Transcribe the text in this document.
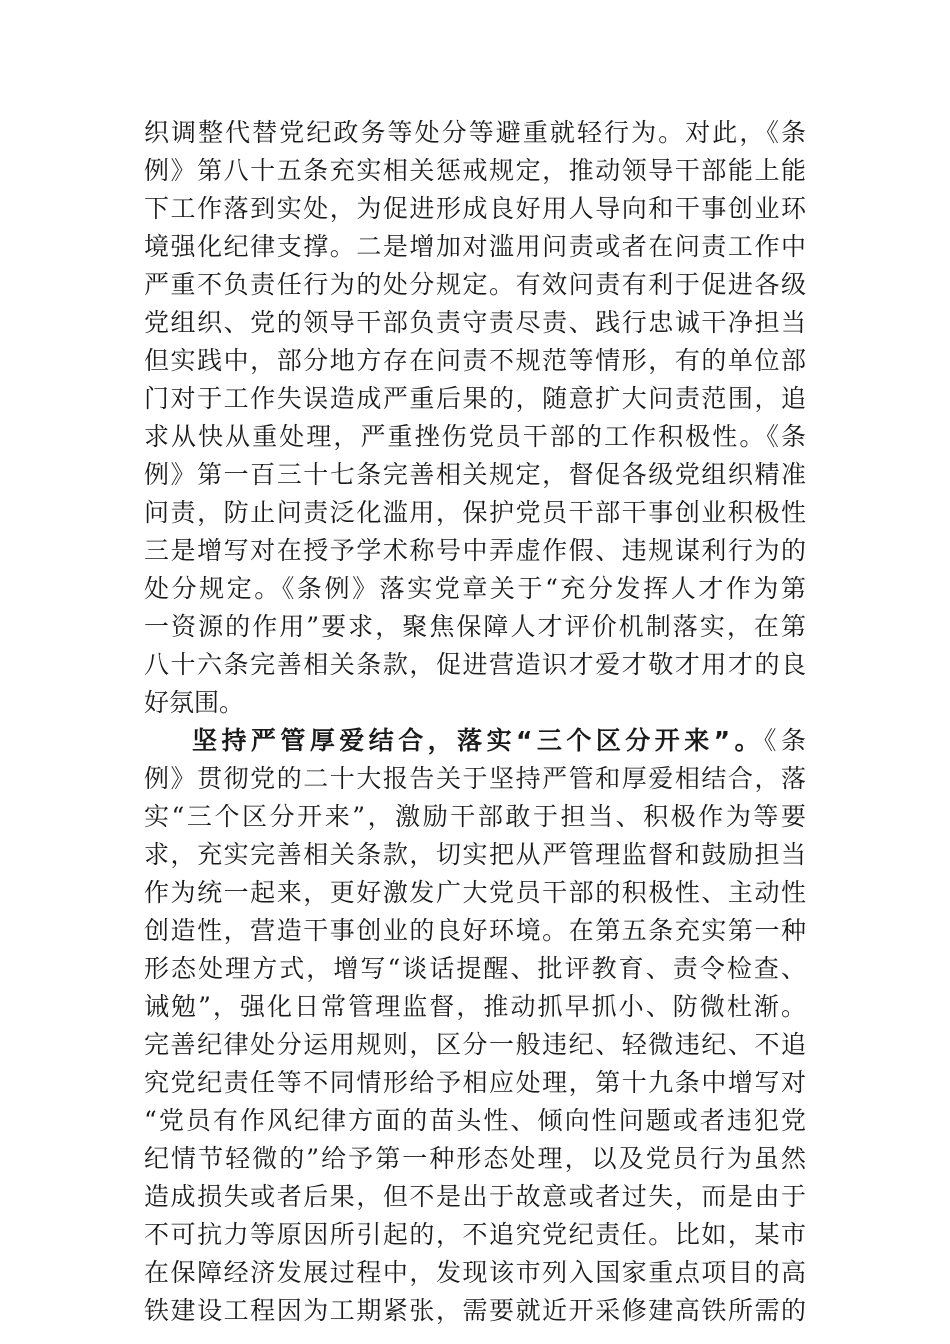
织调整代替党纪政务等处分等避重就轻行为。对此，《条
例》第八十五条充实相关惩戒规定，推动领导干部能上能
下工作落到实处，为促进形成良好用人导向和干事创业环
境强化纪律支撑。二是增加对滥用问责或者在问责工作中
严重不负责任行为的处分规定。有效问责有利于促进各级
党组织、党的领导干部负责守责尽责、践行忠诚干净担当
但实践中，部分地方存在问责不规范等情形，有的单位部
门对于工作失误造成严重后果的，随意扩大问责范围，追
求从快从重处理，严重挫伤党员干部的工作积极性。《条
例》第一百三十七条完善相关规定，督促各级党组织精准
问责，防止问责泛化滥用，保护党员干部干事创业积极性
三是增写对在授予学术称号中弄虚作假、违规谋利行为的
处分规定。《条例》落实党章关于“充分发挥人才作为第
一资源的作用”要求，聚焦保障人才评价机制落实，在第
八十六条完善相关条款，促进营造识才爱才敬才用才的良
好氛围。
坚持严管厚爱结合，落实“三个区分开来”。《条
例》贯彻党的二十大报告关于坚持严管和厚爱相结合，落
实“三个区分开来”，激励干部敢于担当、积极作为等要
求，充实完善相关条款，切实把从严管理监督和鼓励担当
作为统一起来，更好激发广大党员干部的积极性、主动性
创造性，营造干事创业的良好环境。在第五条充实第一种
形态处理方式，增写“谈话提醒、批评教育、责令检查、
诫勉”，强化日常管理监督，推动抓早抓小、防微杜渐。
完善纪律处分运用规则，区分一般违纪、轻微违纪、不追
究党纪责任等不同情形给予相应处理，第十九条中增写对
“党员有作风纪律方面的苗头性、倾向性问题或者违犯党
纪情节轻微的”给予第一种形态处理，以及党员行为虽然
造成损失或者后果，但不是出于故意或者过失，而是由于
不可抗力等原因所引起的，不追究党纪责任。比如，某市
在保障经济发展过程中，发现该市列入国家重点项目的高
铁建设工程因为工期紧张，需要就近开采修建高铁所需的
